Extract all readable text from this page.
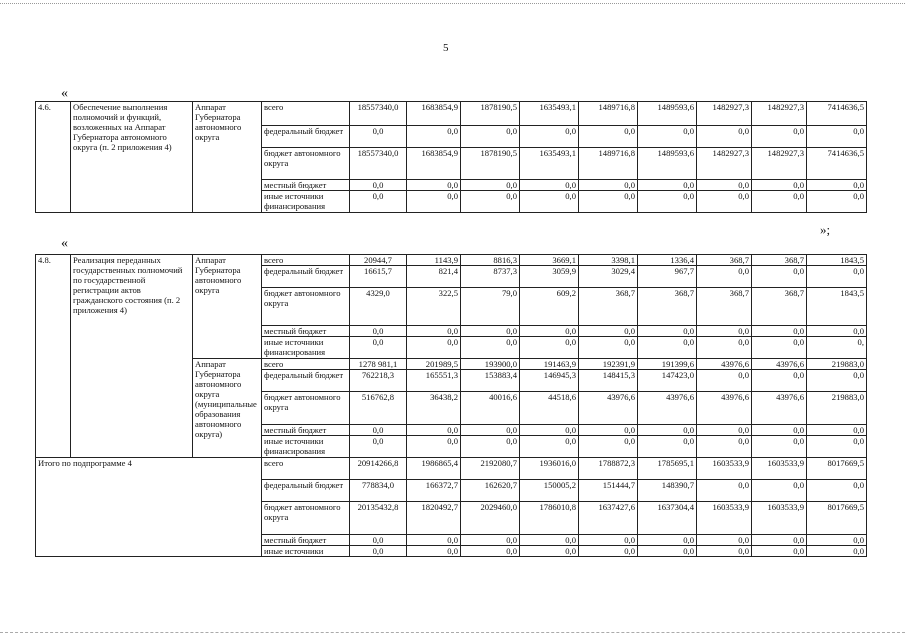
5
«
4.6.	Обеспечение выполнения полномочий и функций, возложенных на Аппарат Губернатора автономного округа (п. 2 приложения 4)	Аппарат Губернатора автономного округа	всего	18557340,0	1683854,9	1878190,5	1635493,1	1489716,8	1489593,6	1482927,3	1482927,3	7414636,5
			федеральный бюджет	0,0	0,0	0,0	0,0	0,0	0,0	0,0	0,0	0,0
			бюджет автономного округа	18557340,0	1683854,9	1878190,5	1635493,1	1489716,8	1489593,6	1482927,3	1482927,3	7414636,5
			местный бюджет	0,0	0,0	0,0	0,0	0,0	0,0	0,0	0,0	0,0
			иные источники финансирования	0,0	0,0	0,0	0,0	0,0	0,0	0,0	0,0	0,0
»;
«
4.8.	Реализация переданных государственных полномочий по государственной регистрации актов гражданского состояния (п. 2 приложения 4)	Аппарат Губернатора автономного округа	всего	20944,7	1143,9	8816,3	3669,1	3398,1	1336,4	368,7	368,7	1843,5
			федеральный бюджет	16615,7	821,4	8737,3	3059,9	3029,4	967,7	0,0	0,0	0,0
			бюджет автономного округа	4329,0	322,5	79,0	609,2	368,7	368,7	368,7	368,7	1843,5
			местный бюджет	0,0	0,0	0,0	0,0	0,0	0,0	0,0	0,0	0,0
			иные источники финансирования	0,0	0,0	0,0	0,0	0,0	0,0	0,0	0,0	0,
		Аппарат Губернатора автономного округа (муниципальные образования автономного округа)	всего	1278 981,1	201989,5	193900,0	191463,9	192391,9	191399,6	43976,6	43976,6	219883,0
			федеральный бюджет	762218,3	165551,3	153883,4	146945,3	148415,3	147423,0	0,0	0,0	0,0
			бюджет автономного округа	516762,8	36438,2	40016,6	44518,6	43976,6	43976,6	43976,6	43976,6	219883,0
			местный бюджет	0,0	0,0	0,0	0,0	0,0	0,0	0,0	0,0	0,0
			иные источники финансирования	0,0	0,0	0,0	0,0	0,0	0,0	0,0	0,0	0,0
Итого по подпрограмме 4			всего	20914266,8	1986865,4	2192080,7	1936016,0	1788872,3	1785695,1	1603533,9	1603533,9	8017669,5
			федеральный бюджет	778834,0	166372,7	162620,7	150005,2	151444,7	148390,7	0,0	0,0	0,0
			бюджет автономного округа	20135432,8	1820492,7	2029460,0	1786010,8	1637427,6	1637304,4	1603533,9	1603533,9	8017669,5
			местный бюджет	0,0	0,0	0,0	0,0	0,0	0,0	0,0	0,0	0,0
			иные источники	0,0	0,0	0,0	0,0	0,0	0,0	0,0	0,0	0,0
